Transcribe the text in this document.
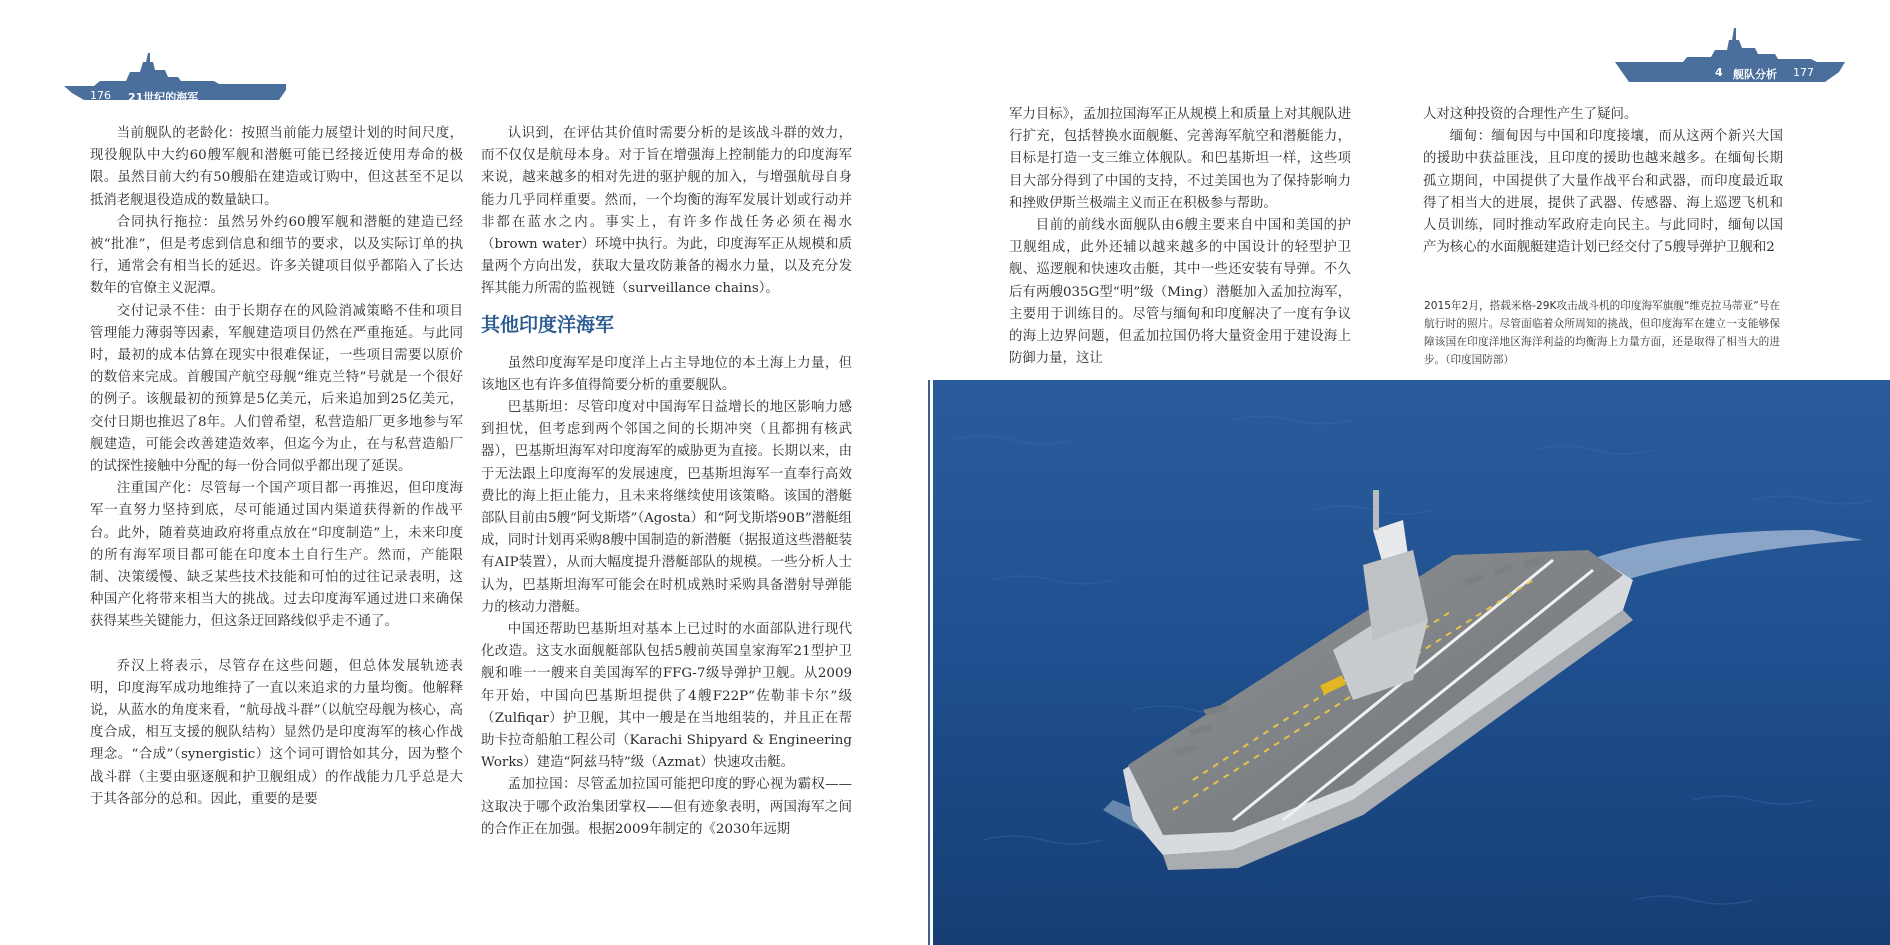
176 21世纪的海军

当前舰队的老龄化：按照当前能力展望计划的时间尺度，现役舰队中大约60艘军舰和潜艇可能已经接近使用寿命的极限。虽然目前大约有50艘船在建造或订购中，但这甚至不足以抵消老舰退役造成的数量缺口。

合同执行拖拉：虽然另外约60艘军舰和潜艇的建造已经被“批准”，但是考虑到信息和细节的要求，以及实际订单的执行，通常会有相当长的延迟。许多关键项目似乎都陷入了长达数年的官僚主义泥潭。

交付记录不佳：由于长期存在的风险消减策略不佳和项目管理能力薄弱等因素，军舰建造项目仍然在严重拖延。与此同时，最初的成本估算在现实中很难保证，一些项目需要以原价的数倍来完成。首艘国产航空母舰“维克兰特”号就是一个很好的例子。该舰最初的预算是5亿美元，后来追加到25亿美元，交付日期也推迟了8年。人们曾希望，私营造船厂更多地参与军舰建造，可能会改善建造效率，但迄今为止，在与私营造船厂的试探性接触中分配的每一份合同似乎都出现了延误。

注重国产化：尽管每一个国产项目都一再推迟，但印度海军一直努力坚持到底，尽可能通过国内渠道获得新的作战平台。此外，随着莫迪政府将重点放在“印度制造”上，未来印度的所有海军项目都可能在印度本土自行生产。然而，产能限制、决策缓慢、缺乏某些技术技能和可怕的过往记录表明，这种国产化将带来相当大的挑战。过去印度海军通过进口来确保获得某些关键能力，但这条迂回路线似乎走不通了。

乔汉上将表示，尽管存在这些问题，但总体发展轨迹表明，印度海军成功地维持了一直以来追求的力量均衡。他解释说，从蓝水的角度来看，“航母战斗群”（以航空母舰为核心，高度合成，相互支援的舰队结构）显然仍是印度海军的核心作战理念。“合成”（synergistic）这个词可谓恰如其分，因为整个战斗群（主要由驱逐舰和护卫舰组成）的作战能力几乎总是大于其各部分的总和。因此，重要的是要

认识到，在评估其价值时需要分析的是该战斗群的效力，而不仅仅是航母本身。对于旨在增强海上控制能力的印度海军来说，越来越多的相对先进的驱护舰的加入，与增强航母自身能力几乎同样重要。然而，一个均衡的海军发展计划或行动并非都在蓝水之内。事实上，有许多作战任务必须在褐水（brown water）环境中执行。为此，印度海军正从规模和质量两个方向出发，获取大量攻防兼备的褐水力量，以及充分发挥其能力所需的监视链（surveillance chains）。

其他印度洋海军

虽然印度海军是印度洋上占主导地位的本土海上力量，但该地区也有许多值得简要分析的重要舰队。

巴基斯坦：尽管印度对中国海军日益增长的地区影响力感到担忧，但考虑到两个邻国之间的长期冲突（且都拥有核武器），巴基斯坦海军对印度海军的威胁更为直接。长期以来，由于无法跟上印度海军的发展速度，巴基斯坦海军一直奉行高效费比的海上拒止能力，且未来将继续使用该策略。该国的潜艇部队目前由5艘“阿戈斯塔”（Agosta）和“阿戈斯塔90B”潜艇组成，同时计划再采购8艘中国制造的新潜艇（据报道这些潜艇装有AIP装置），从而大幅度提升潜艇部队的规模。一些分析人士认为，巴基斯坦海军可能会在时机成熟时采购具备潜射导弹能力的核动力潜艇。

中国还帮助巴基斯坦对基本上已过时的水面部队进行现代化改造。这支水面舰艇部队包括5艘前英国皇家海军21型护卫舰和唯一一艘来自美国海军的FFG-7级导弹护卫舰。从2009年开始，中国向巴基斯坦提供了4艘F22P“佐勒菲卡尔”级（Zulfiqar）护卫舰，其中一艘是在当地组装的，并且正在帮助卡拉奇船舶工程公司（Karachi Shipyard & Engineering Works）建造“阿兹马特”级（Azmat）快速攻击艇。

孟加拉国：尽管孟加拉国可能把印度的野心视为霸权——这取决于哪个政治集团掌权——但有迹象表明，两国海军之间的合作正在加强。根据2009年制定的《2030年远期

4 舰队分析 177

军力目标》，孟加拉国海军正从规模上和质量上对其舰队进行扩充，包括替换水面舰艇、完善海军航空和潜艇能力，目标是打造一支三维立体舰队。和巴基斯坦一样，这些项目大部分得到了中国的支持，不过美国也为了保持影响力和挫败伊斯兰极端主义而正在积极参与帮助。

目前的前线水面舰队由6艘主要来自中国和美国的护卫舰组成，此外还辅以越来越多的中国设计的轻型护卫舰、巡逻舰和快速攻击艇，其中一些还安装有导弹。不久后有两艘035G型“明”级（Ming）潜艇加入孟加拉海军，主要用于训练目的。尽管与缅甸和印度解决了一度有争议的海上边界问题，但孟加拉国仍将大量资金用于建设海上防御力量，这让

人对这种投资的合理性产生了疑问。

缅甸：缅甸因与中国和印度接壤，而从这两个新兴大国的援助中获益匪浅，且印度的援助也越来越多。在缅甸长期孤立期间，中国提供了大量作战平台和武器，而印度最近取得了相当大的进展，提供了武器、传感器、海上巡逻飞机和人员训练，同时推动军政府走向民主。与此同时，缅甸以国产为核心的水面舰艇建造计划已经交付了5艘导弹护卫舰和2

2015年2月，搭载米格-29K攻击战斗机的印度海军旗舰“维克拉马蒂亚”号在航行时的照片。尽管面临着众所周知的挑战，但印度海军在建立一支能够保障该国在印度洋地区海洋利益的均衡海上力量方面，还是取得了相当大的进步。（印度国防部）
